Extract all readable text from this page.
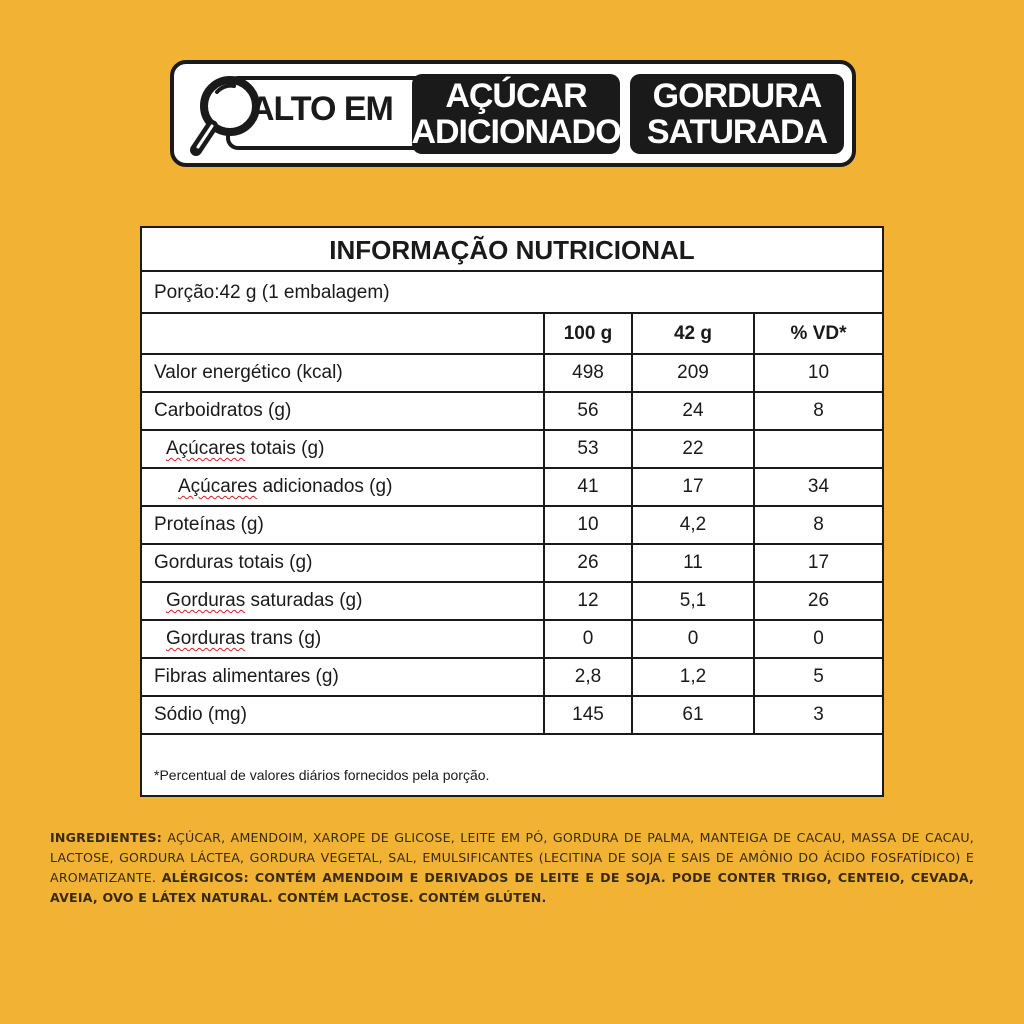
ALTO EM AÇÚCAR
ADICIONADO
GORDURA
SATURADA
INFORMAÇÃO NUTRICIONAL
Porção:42 g (1 embalagem)
	100 g	42 g	% VD*
Valor energético (kcal)	498	209	10
Carboidratos (g)	56	24	8
Açúcares totais (g)	53	22	
Açúcares adicionados (g)	41	17	34
Proteínas (g)	10	4,2	8
Gorduras totais (g)	26	11	17
Gorduras saturadas (g)	12	5,1	26
Gorduras trans (g)	0	0	0
Fibras alimentares (g)	2,8	1,2	5
Sódio (mg)	145	61	3
*Percentual de valores diários fornecidos pela porção.
INGREDIENTES: AÇÚCAR, AMENDOIM, XAROPE DE GLICOSE, LEITE EM PÓ, GORDURA DE PALMA, MANTEIGA DE CACAU, MASSA DE CACAU, LACTOSE, GORDURA LÁCTEA, GORDURA VEGETAL, SAL, EMULSIFICANTES (LECITINA DE SOJA E SAIS DE AMÔNIO DO ÁCIDO FOSFATÍDICO) E AROMATIZANTE. ALÉRGICOS: CONTÉM AMENDOIM E DERIVADOS DE LEITE E DE SOJA. PODE CONTER TRIGO, CENTEIO, CEVADA, AVEIA, OVO E LÁTEX NATURAL. CONTÉM LACTOSE. CONTÉM GLÚTEN.
